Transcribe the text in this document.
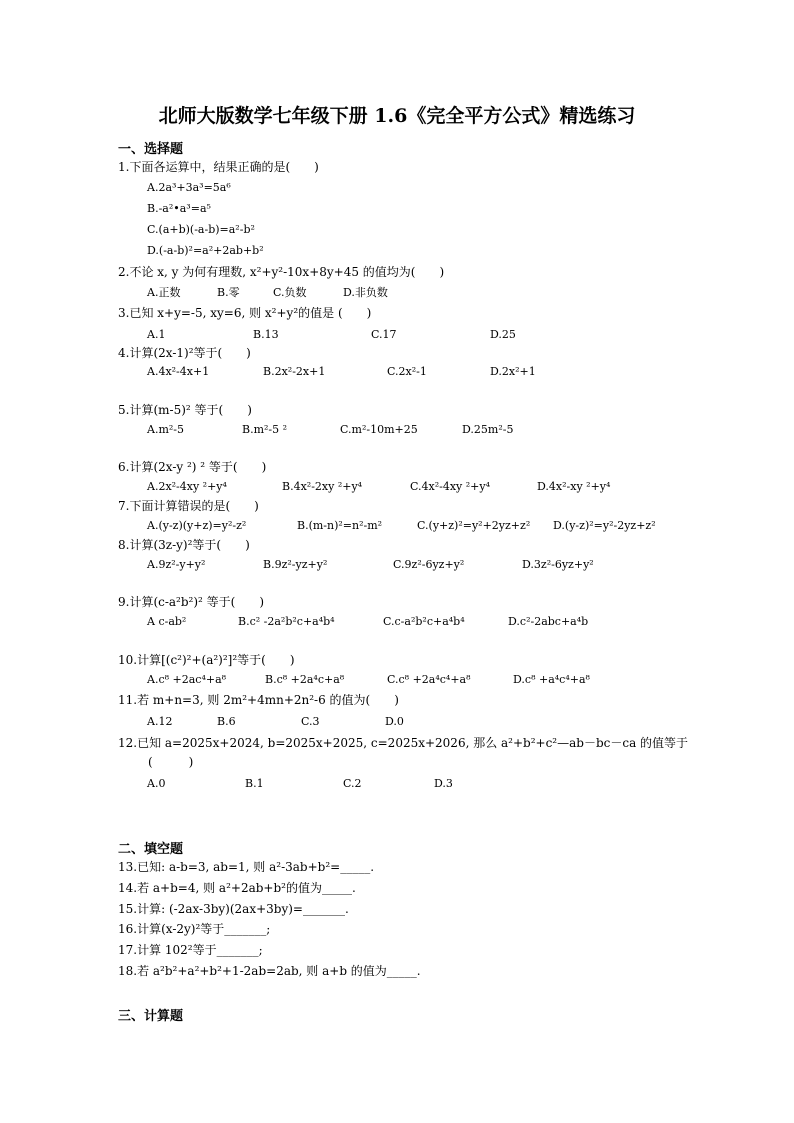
北师大版数学七年级下册 1.6《完全平方公式》精选练习
一、选择题
1.下面各运算中，结果正确的是(　　)
A.2a³+3a³=5a⁶
B.-a²•a³=a⁵
C.(a+b)(-a-b)=a²-b²
D.(-a-b)²=a²+2ab+b²
2.不论 x, y 为何有理数, x²+y²-10x+8y+45 的值均为(　　)
A.正数	B.零	C.负数	D.非负数
3.已知 x+y=-5, xy=6, 则 x²+y²的值是 (　　)
A.1	B.13	C.17	D.25
4.计算(2x-1)²等于(　　)
A.4x²-4x+1	B.2x²-2x+1	C.2x²-1	D.2x²+1
5.计算(m-5)² 等于(　　)
A.m²-5	B.m²-5 ²	C.m²-10m+25	D.25m²-5
6.计算(2x-y ²) ² 等于(　　)
A.2x²-4xy ²+y⁴	B.4x²-2xy ²+y⁴	C.4x²-4xy ²+y⁴	D.4x²-xy ²+y⁴
7.下面计算错误的是(　　)
A.(y-z)(y+z)=y²-z²	B.(m-n)²=n²-m²	C.(y+z)²=y²+2yz+z² D.(y-z)²=y²-2yz+z²
8.计算(3z-y)²等于(　　)
A.9z²-y+y²	B.9z²-yz+y²	C.9z²-6yz+y²	D.3z²-6yz+y²
9.计算(c-a²b²)² 等于(　　)
A c-ab²	B.c² -2a²b²c+a⁴b⁴	C.c-a²b²c+a⁴b⁴	D.c²-2abc+a⁴b
10.计算[(c²)²+(a²)²]²等于(　　)
A.c⁸ +2ac⁴+a⁸	B.c⁸ +2a⁴c+a⁸	C.c⁸ +2a⁴c⁴+a⁸	D.c⁸ +a⁴c⁴+a⁸
11.若 m+n=3, 则 2m²+4mn+2n²-6 的值为(　　)
A.12	B.6	C.3	D.0
12.已知 a=2025x+2024, b=2025x+2025, c=2025x+2026, 那么 a²+b²+c²—ab－bc－ca 的值等于
(　　　)
A.0	B.1	C.2	D.3
二、填空题
13.已知: a-b=3, ab=1, 则 a²-3ab+b²=_____.
14.若 a+b=4, 则 a²+2ab+b²的值为_____.
15.计算: (-2ax-3by)(2ax+3by)=_______.
16.计算(x-2y)²等于_______;
17.计算 102²等于_______;
18.若 a²b²+a²+b²+1-2ab=2ab, 则 a+b 的值为_____.
三、计算题
